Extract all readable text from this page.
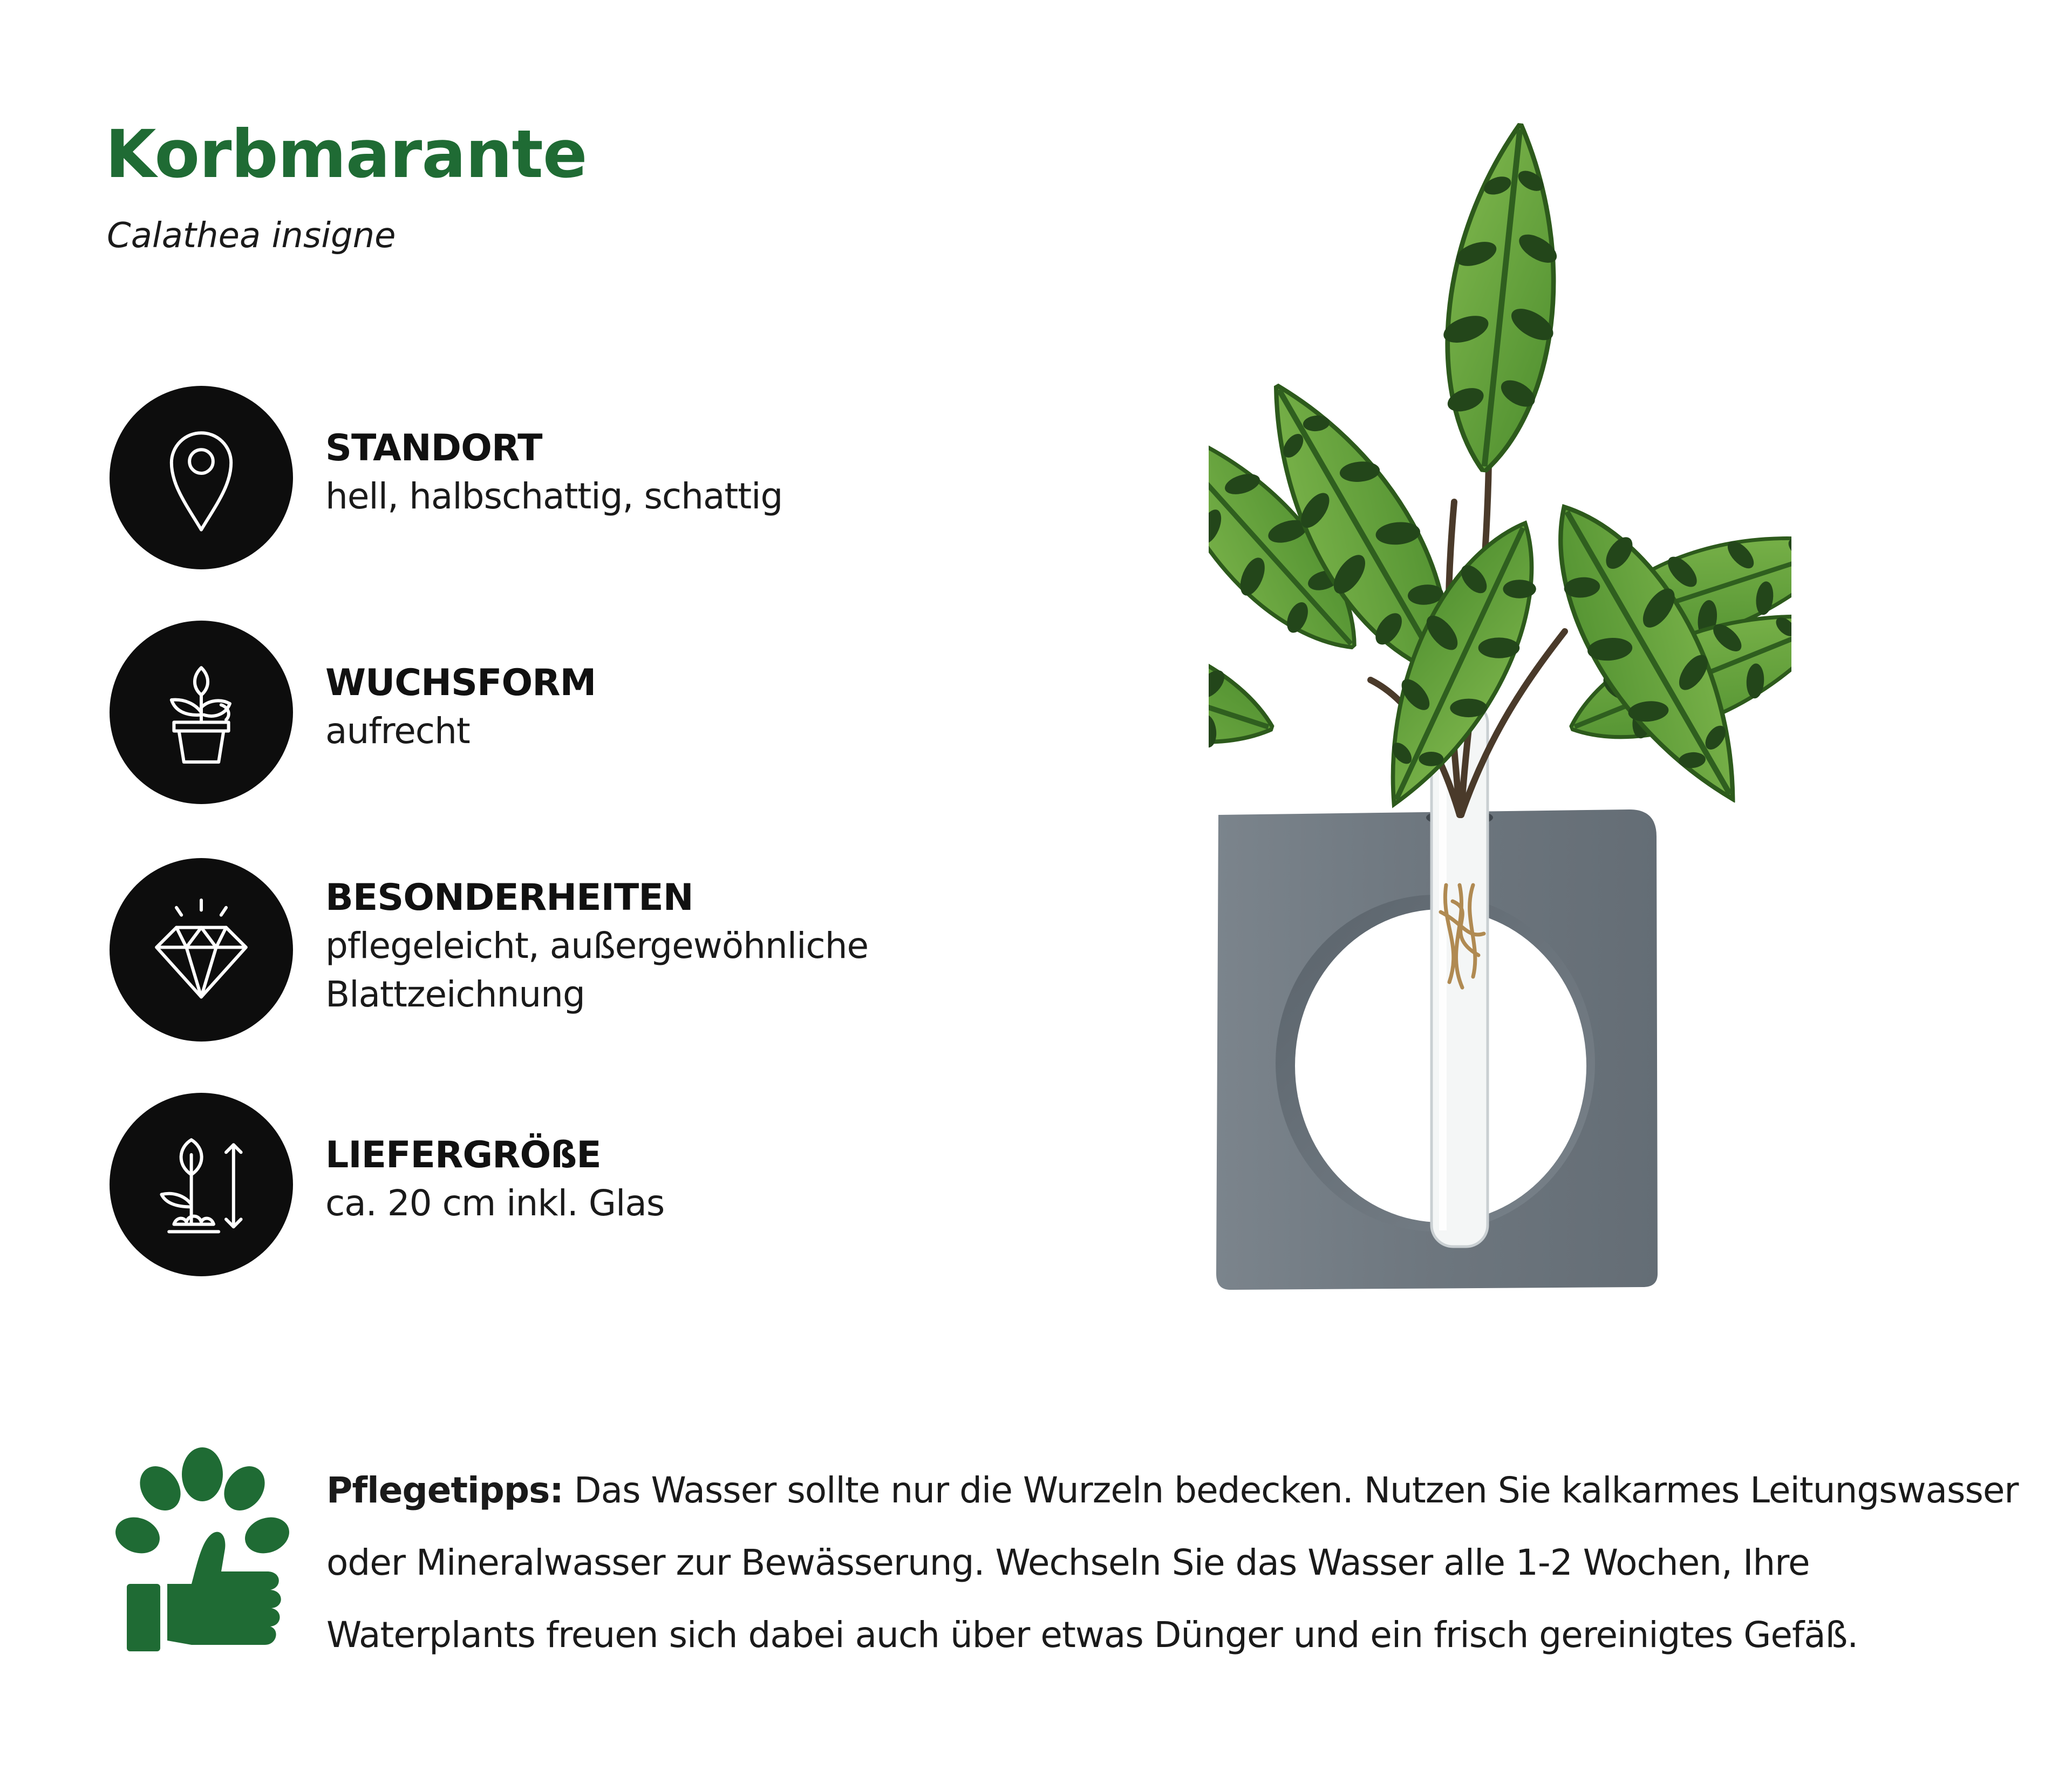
Korbmarante

Calathea insigne

STANDORT
hell, halbschattig, schattig
WUCHSFORM
aufrecht
BESONDERHEITEN
pflegeleicht, außergewöhnliche
Blattzeichnung
LIEFERGRÖßE
ca. 20 cm inkl. Glas
Pflegetipps: Das Wasser sollte nur die Wurzeln bedecken. Nutzen Sie kalkarmes Leitungswasser oder Mineralwasser zur Bewässerung. Wechseln Sie das Wasser alle 1-2 Wochen, Ihre Waterplants freuen sich dabei auch über etwas Dünger und ein frisch gereinigtes Gefäß.
